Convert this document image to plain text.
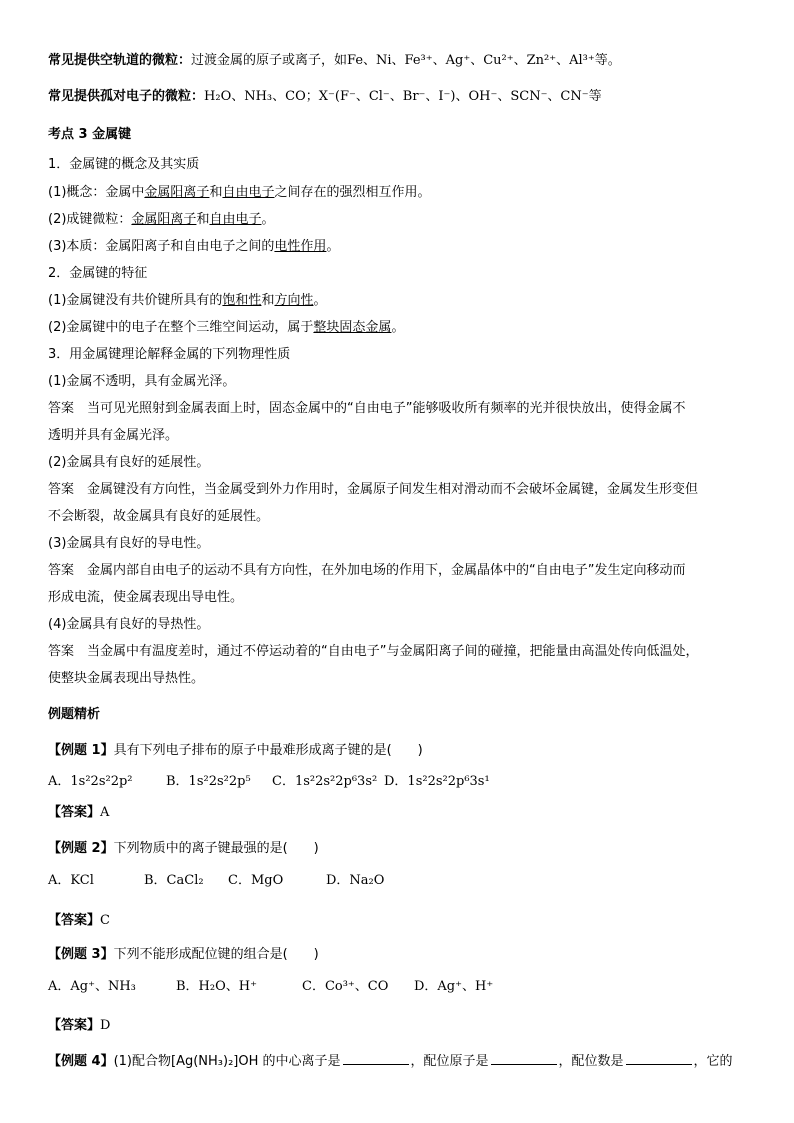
常见提供空轨道的微粒：过渡金属的原子或离子，如Fe、Ni、Fe³⁺、Ag⁺、Cu²⁺、Zn²⁺、Al³⁺等。
常见提供孤对电子的微粒：H₂O、NH₃、CO；X⁻(F⁻、Cl⁻、Br⁻、I⁻)、OH⁻、SCN⁻、CN⁻等
考点 3 金属键
1．金属键的概念及其实质
(1)概念：金属中金属阳离子和自由电子之间存在的强烈相互作用。
(2)成键微粒：金属阳离子和自由电子。
(3)本质：金属阳离子和自由电子之间的电性作用。
2．金属键的特征
(1)金属键没有共价键所具有的饱和性和方向性。
(2)金属键中的电子在整个三维空间运动，属于整块固态金属。
3．用金属键理论解释金属的下列物理性质
(1)金属不透明，具有金属光泽。
答案　当可见光照射到金属表面上时，固态金属中的“自由电子”能够吸收所有频率的光并很快放出，使得金属不
透明并具有金属光泽。
(2)金属具有良好的延展性。
答案　金属键没有方向性，当金属受到外力作用时，金属原子间发生相对滑动而不会破坏金属键，金属发生形变但
不会断裂，故金属具有良好的延展性。
(3)金属具有良好的导电性。
答案　金属内部自由电子的运动不具有方向性，在外加电场的作用下，金属晶体中的“自由电子”发生定向移动而
形成电流，使金属表现出导电性。
(4)金属具有良好的导热性。
答案　当金属中有温度差时，通过不停运动着的“自由电子”与金属阳离子间的碰撞，把能量由高温处传向低温处，
使整块金属表现出导热性。
例题精析
【例题 1】具有下列电子排布的原子中最难形成离子键的是(　　)
A．1s²2s²2p²	B．1s²2s²2p⁵ C．1s²2s²2p⁶3s² D．1s²2s²2p⁶3s¹
【答案】A
【例题 2】下列物质中的离子键最强的是(　　)
A．KCl	B．CaCl₂ C．MgO	D．Na₂O
【答案】C
【例题 3】下列不能形成配位键的组合是(　　)
A．Ag⁺、NH₃	B．H₂O、H⁺	C．Co³⁺、CO D．Ag⁺、H⁺
【答案】D
【例题 4】(1)配合物[Ag(NH₃)₂]OH 的中心离子是	，配位原子是	，配位数是	，它的
